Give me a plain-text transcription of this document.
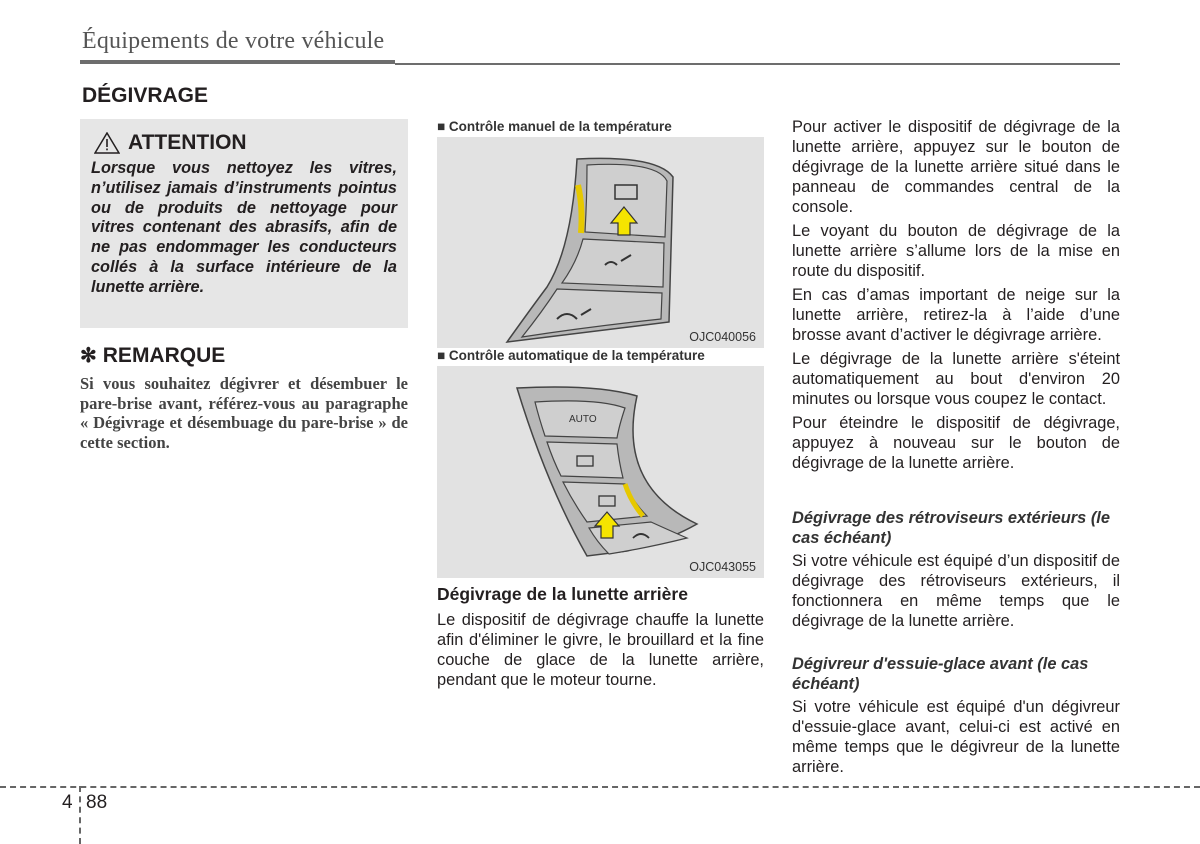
Équipements de votre véhicule
DÉGIVRAGE
ATTENTION
Lorsque vous nettoyez les vitres, n’utilisez jamais d’instruments pointus ou de produits de nettoyage pour vitres contenant des abrasifs, afin de ne pas endommager les conducteurs collés à la surface intérieure de la lunette arrière.
✻ REMARQUE
Si vous souhaitez dégivrer et désembuer le pare-brise avant, référez-vous au paragraphe « Dégivrage et désembuage du pare-brise » de cette section.
■ Contrôle manuel de la température
OJC040056
■ Contrôle automatique de la température
AUTO
OJC043055
Dégivrage de la lunette arrière
Le dispositif de dégivrage chauffe la lunette afin d'éliminer le givre, le brouillard et la fine couche de glace de la lunette arrière, pendant que le moteur tourne.

Pour activer le dispositif de dégivrage de la lunette arrière, appuyez sur le bouton de dégivrage de la lunette arrière situé dans le panneau de commandes central de la console.

Le voyant du bouton de dégivrage de la lunette arrière s’allume lors de la mise en route du dispositif.

En cas d’amas important de neige sur la lunette arrière, retirez-la à l’aide d’une brosse avant d’activer le dégivrage arrière.

Le dégivrage de la lunette arrière s'éteint automatiquement au bout d'environ 20 minutes ou lorsque vous coupez le contact.

Pour éteindre le dispositif de dégivrage, appuyez à nouveau sur le bouton de dégivrage de la lunette arrière.

Dégivrage des rétroviseurs extérieurs (le cas échéant)
Si votre véhicule est équipé d’un dispositif de dégivrage des rétroviseurs extérieurs, il fonctionnera en même temps que le dégivrage de la lunette arrière.
Dégivreur d'essuie-glace avant (le cas échéant)
Si votre véhicule est équipé d'un dégivreur d'essuie-glace avant, celui-ci est activé en même temps que le dégivreur de la lunette arrière.
4 88
